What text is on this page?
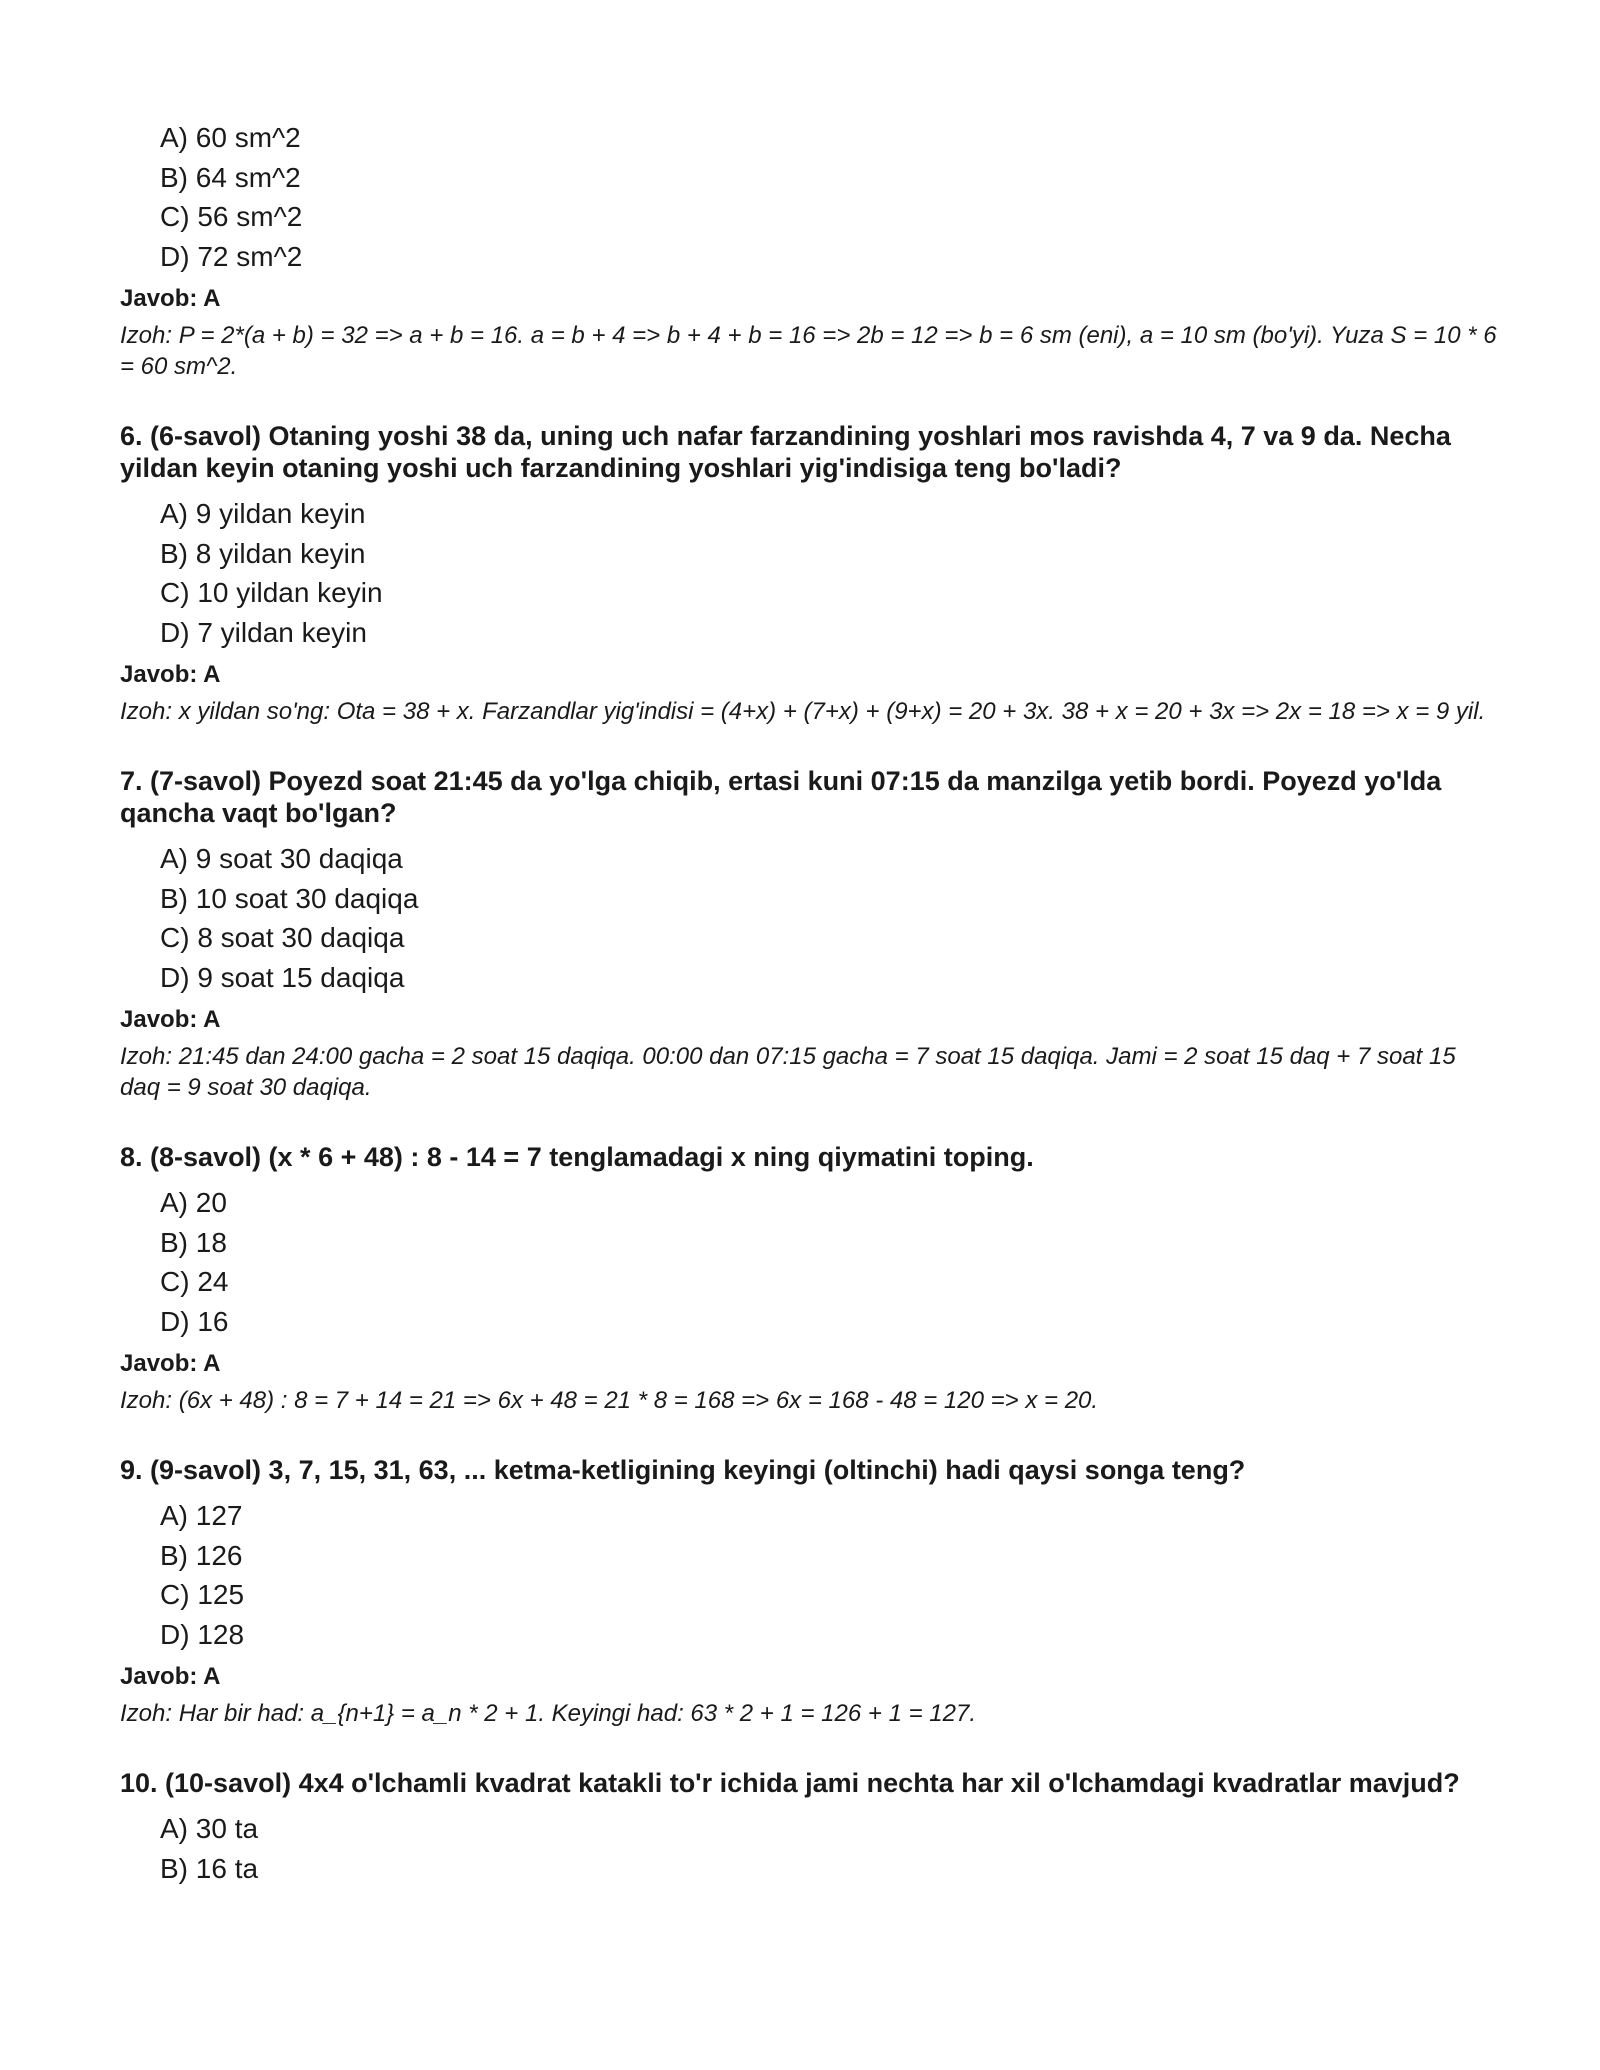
A) 60 sm^2
B) 64 sm^2
C) 56 sm^2
D) 72 sm^2
Javob: A
Izoh: P = 2*(a + b) = 32 => a + b = 16. a = b + 4 => b + 4 + b = 16 => 2b = 12 => b = 6 sm (eni), a = 10 sm (bo'yi). Yuza S = 10 * 6 = 60 sm^2.
6. (6-savol) Otaning yoshi 38 da, uning uch nafar farzandining yoshlari mos ravishda 4, 7 va 9 da. Necha yildan keyin otaning yoshi uch farzandining yoshlari yig'indisiga teng bo'ladi?
A) 9 yildan keyin
B) 8 yildan keyin
C) 10 yildan keyin
D) 7 yildan keyin
Javob: A
Izoh: x yildan so'ng: Ota = 38 + x. Farzandlar yig'indisi = (4+x) + (7+x) + (9+x) = 20 + 3x. 38 + x = 20 + 3x => 2x = 18 => x = 9 yil.
7. (7-savol) Poyezd soat 21:45 da yo'lga chiqib, ertasi kuni 07:15 da manzilga yetib bordi. Poyezd yo'lda qancha vaqt bo'lgan?
A) 9 soat 30 daqiqa
B) 10 soat 30 daqiqa
C) 8 soat 30 daqiqa
D) 9 soat 15 daqiqa
Javob: A
Izoh: 21:45 dan 24:00 gacha = 2 soat 15 daqiqa. 00:00 dan 07:15 gacha = 7 soat 15 daqiqa. Jami = 2 soat 15 daq + 7 soat 15 daq = 9 soat 30 daqiqa.
8. (8-savol) (x * 6 + 48) : 8 - 14 = 7 tenglamadagi x ning qiymatini toping.
A) 20
B) 18
C) 24
D) 16
Javob: A
Izoh: (6x + 48) : 8 = 7 + 14 = 21 => 6x + 48 = 21 * 8 = 168 => 6x = 168 - 48 = 120 => x = 20.
9. (9-savol) 3, 7, 15, 31, 63, ... ketma-ketligining keyingi (oltinchi) hadi qaysi songa teng?
A) 127
B) 126
C) 125
D) 128
Javob: A
Izoh: Har bir had: a_{n+1} = a_n * 2 + 1. Keyingi had: 63 * 2 + 1 = 126 + 1 = 127.
10. (10-savol) 4x4 o'lchamli kvadrat katakli to'r ichida jami nechta har xil o'lchamdagi kvadratlar mavjud?
A) 30 ta
B) 16 ta
